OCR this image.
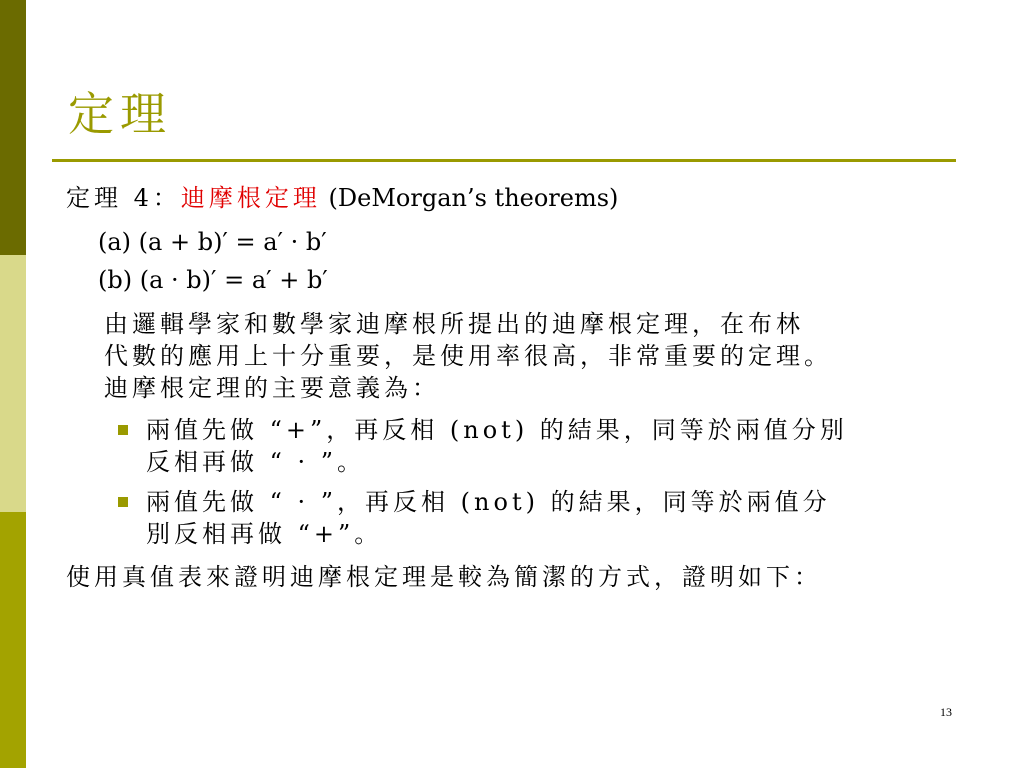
定理
定理 4：迪摩根定理 (DeMorgan’s theorems)
(a) (a + b)′ = a′ · b′
(b) (a · b)′ = a′ + b′
由邏輯學家和數學家迪摩根所提出的迪摩根定理，在布林
代數的應用上十分重要，是使用率很高，非常重要的定理。
迪摩根定理的主要意義為：
兩值先做 “+”，再反相 (not) 的結果，同等於兩值分別
反相再做 “ · ”。
兩值先做 “ · ”，再反相 (not) 的結果，同等於兩值分
別反相再做 “+”。
使用真值表來證明迪摩根定理是較為簡潔的方式，證明如下：
13
